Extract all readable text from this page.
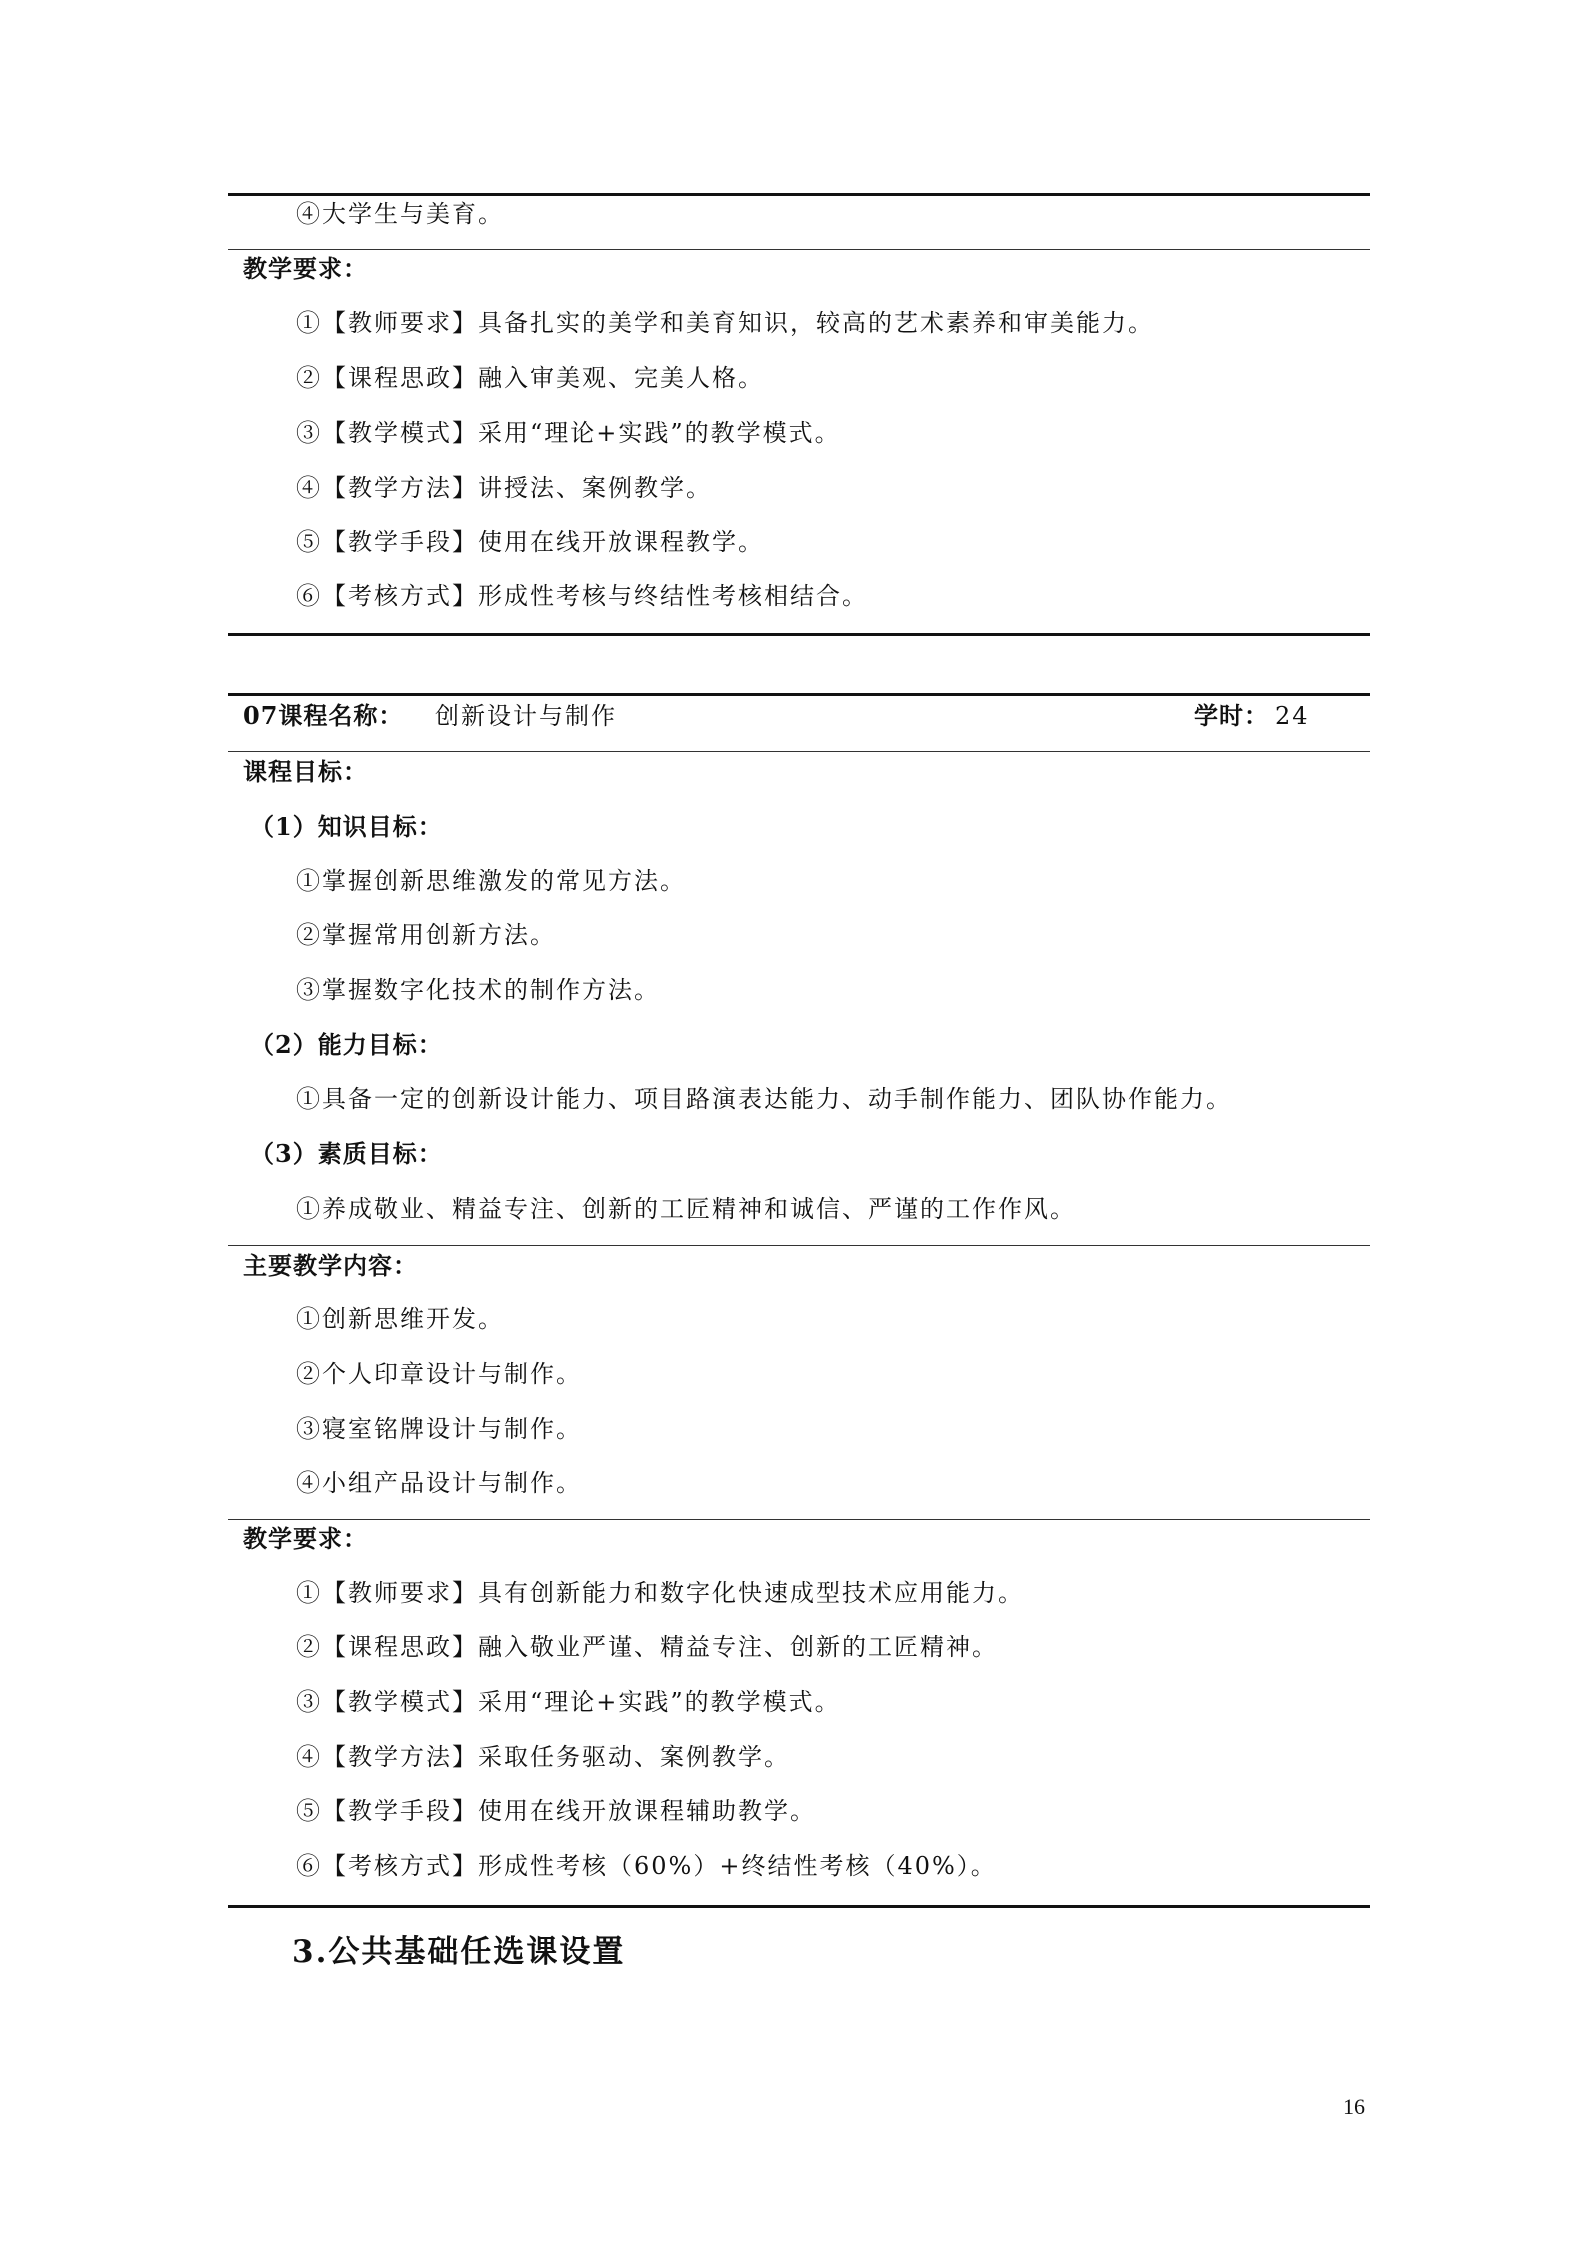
④大学生与美育。
教学要求：
①【教师要求】具备扎实的美学和美育知识，较高的艺术素养和审美能力。
②【课程思政】融入审美观、完美人格。
③【教学模式】采用“理论+实践”的教学模式。
④【教学方法】讲授法、案例教学。
⑤【教学手段】使用在线开放课程教学。
⑥【考核方式】形成性考核与终结性考核相结合。
07课程名称： 创新设计与制作	学时： 24
课程目标：
（1）知识目标：
①掌握创新思维激发的常见方法。
②掌握常用创新方法。
③掌握数字化技术的制作方法。
（2）能力目标：
①具备一定的创新设计能力、项目路演表达能力、动手制作能力、团队协作能力。
（3）素质目标：
①养成敬业、精益专注、创新的工匠精神和诚信、严谨的工作作风。
主要教学内容：
①创新思维开发。
②个人印章设计与制作。
③寝室铭牌设计与制作。
④小组产品设计与制作。
教学要求：
①【教师要求】具有创新能力和数字化快速成型技术应用能力。
②【课程思政】融入敬业严谨、精益专注、创新的工匠精神。
③【教学模式】采用“理论+实践”的教学模式。
④【教学方法】采取任务驱动、案例教学。
⑤【教学手段】使用在线开放课程辅助教学。
⑥【考核方式】形成性考核（60%）+终结性考核（40%）。
3.公共基础任选课设置
16
